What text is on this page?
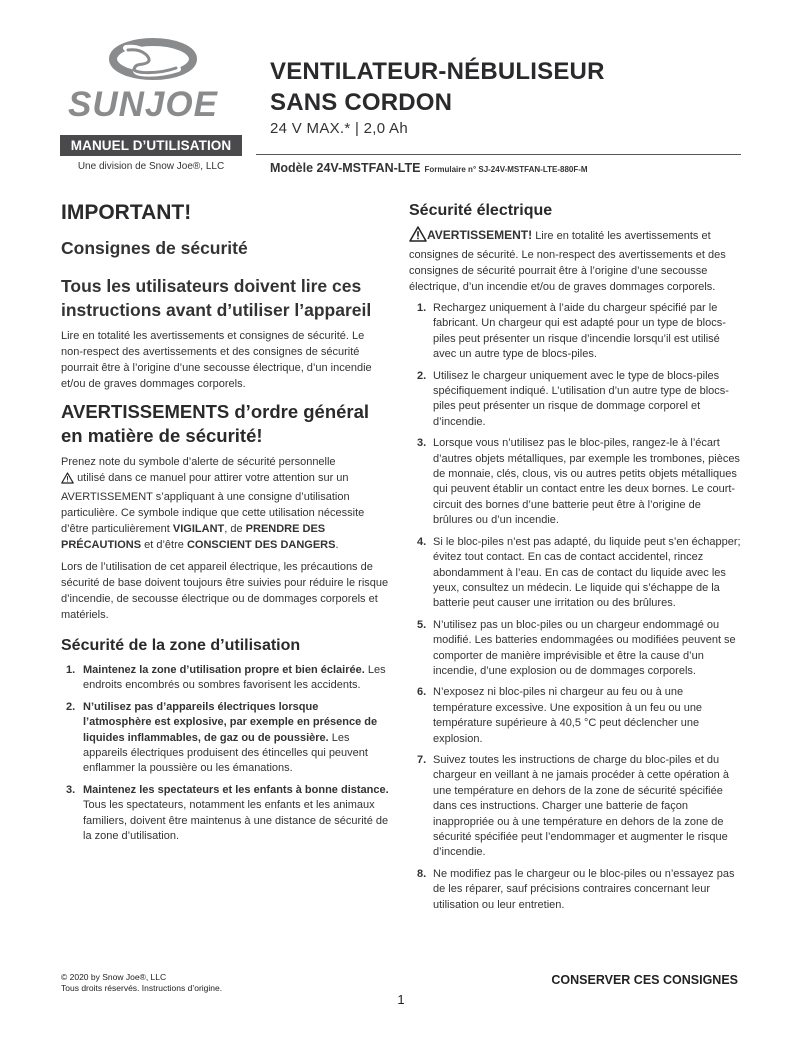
SUNJOE
MANUEL D’UTILISATION
Une division de Snow Joe®, LLC
VENTILATEUR-NÉBULISEUR
SANS CORDON
24 V MAX.* | 2,0 Ah
Modèle 24V-MSTFAN-LTE Formulaire n° SJ-24V-MSTFAN-LTE-880F-M
IMPORTANT!
Consignes de sécurité
Tous les utilisateurs doivent lire ces instructions avant d’utiliser l’appareil

Lire en totalité les avertissements et consignes de sécurité. Le non-respect des avertissements et des consignes de sécurité pourrait être à l’origine d’une secousse électrique, d’un incendie et/ou de graves dommages corporels.

AVERTISSEMENTS d’ordre général en matière de sécurité!

Prenez note du symbole d’alerte de sécurité personnelle
utilisé dans ce manuel pour attirer votre attention sur un AVERTISSEMENT s’appliquant à une consigne d’utilisation particulière. Ce symbole indique que cette utilisation nécessite d’être particulièrement VIGILANT, de PRENDRE DES PRÉCAUTIONS et d’être CONSCIENT DES DANGERS.

Lors de l’utilisation de cet appareil électrique, les précautions de sécurité de base doivent toujours être suivies pour réduire le risque d’incendie, de secousse électrique ou de dommages corporels et matériels.

Sécurité de la zone d’utilisation
1. Maintenez la zone d’utilisation propre et bien éclairée. Les endroits encombrés ou sombres favorisent les accidents.
2. N’utilisez pas d’appareils électriques lorsque l’atmosphère est explosive, par exemple en présence de liquides inflammables, de gaz ou de poussière. Les appareils électriques produisent des étincelles qui peuvent enflammer la poussière ou les émanations.
3. Maintenez les spectateurs et les enfants à bonne distance. Tous les spectateurs, notamment les enfants et les animaux familiers, doivent être maintenus à une distance de sécurité de la zone d’utilisation.
Sécurité électrique

AVERTISSEMENT! Lire en totalité les avertissements et consignes de sécurité. Le non-respect des avertissements et des consignes de sécurité pourrait être à l’origine d’une secousse électrique, d’un incendie et/ou de graves dommages corporels.

1. Rechargez uniquement à l’aide du chargeur spécifié par le fabricant. Un chargeur qui est adapté pour un type de blocs-piles peut présenter un risque d’incendie lorsqu’il est utilisé avec un autre type de blocs-piles.
2. Utilisez le chargeur uniquement avec le type de blocs-piles spécifiquement indiqué. L’utilisation d’un autre type de blocs-piles peut présenter un risque de dommage corporel et d’incendie.
3. Lorsque vous n’utilisez pas le bloc-piles, rangez-le à l’écart d’autres objets métalliques, par exemple les trombones, pièces de monnaie, clés, clous, vis ou autres petits objets métalliques qui peuvent établir un contact entre les deux bornes. Le court-circuit des bornes d’une batterie peut être à l’origine de brûlures ou d’un incendie.
4. Si le bloc-piles n’est pas adapté, du liquide peut s’en échapper; évitez tout contact. En cas de contact accidentel, rincez abondamment à l’eau. En cas de contact du liquide avec les yeux, consultez un médecin. Le liquide qui s’échappe de la batterie peut causer une irritation ou des brûlures.
5. N’utilisez pas un bloc-piles ou un chargeur endommagé ou modifié. Les batteries endommagées ou modifiées peuvent se comporter de manière imprévisible et être la cause d’un incendie, d’une explosion ou de dommages corporels.
6. N’exposez ni bloc-piles ni chargeur au feu ou à une température excessive. Une exposition à un feu ou une température supérieure à 40,5 °C peut déclencher une explosion.
7. Suivez toutes les instructions de charge du bloc-piles et du chargeur en veillant à ne jamais procéder à cette opération à une température en dehors de la zone de sécurité spécifiée dans ces instructions. Charger une batterie de façon inappropriée ou à une température en dehors de la zone de sécurité spécifiée peut l’endommager et augmenter le risque d’incendie.
8. Ne modifiez pas le chargeur ou le bloc-piles ou n’essayez pas de les réparer, sauf précisions contraires concernant leur utilisation ou leur entretien.
© 2020 by Snow Joe®, LLC
Tous droits réservés. Instructions d’origine.
CONSERVER CES CONSIGNES
1
